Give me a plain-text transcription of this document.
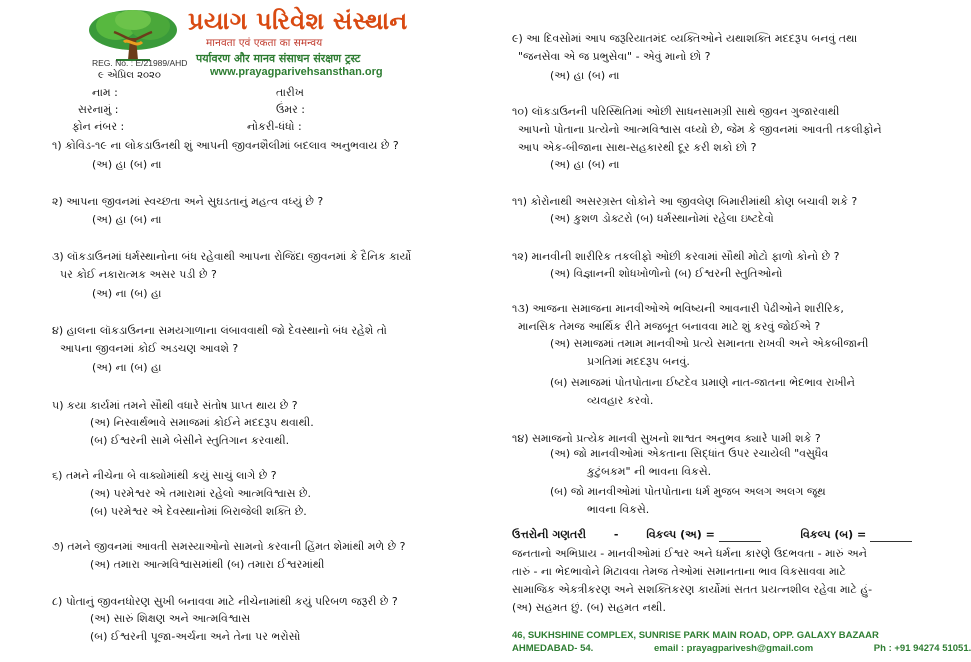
REG. No. : E/21989/AHD
૯ એપ્રિલ ૨૦૨૦
પ્રયાગ પરિવેશ સંસ્થાન
मानवता एवं एकता का समन्वय
पर्यावरण और मानव संसाधन संरक्षण ट्रस्ट
www.prayagparivehsansthan.org
નામ :	તારીખ
સરનામું :	ઉંમર :
ફોન નંબર :	નોકરી-ધંધો :
૧) કોવિડ-૧૯ ના લોકડાઉનથી શું આપની જીવનશૈલીમાં બદલાવ અનુભવાય છે ?
(અ) હા (બ) ના
૨) આપના જીવનમાં સ્વચ્છતા અને સુઘડતાનું મહત્વ વધ્યું છે ?
(અ) હા (બ) ના
૩) લૉકડાઉનમાં ધર્મસ્થાનોના બંધ રહેવાથી આપના રોજિંદા જીવનમાં કે દૈનિક કાર્યો
પર કોઈ નકારાત્મક અસર પડી છે ?
(અ) ના (બ) હા
૪) હાલના લૉકડાઉનના સમયગાળાના લંબાવવાથી જો દેવસ્થાનો બંધ રહેશે તો
આપના જીવનમાં કોઈ અડચણ આવશે ?
(અ) ના (બ) હા
૫) કયા કાર્યમાં તમને સૌથી વધારે સંતોષ પ્રાપ્ત થાય છે ?
(અ) નિસ્વાર્થભાવે સમાજમાં કોઈને મદદરૂપ થવાથી.
(બ) ઈશ્વરની સામે બેસીને સ્તુતિગાન કરવાથી.
૬) તમને નીચેના બે વાક્યોમાંથી કયું સાચું લાગે છે ?
(અ) પરમેશ્વર એ તમારામાં રહેલો આત્મવિશ્વાસ છે.
(બ) પરમેશ્વર એ દેવસ્થાનોમાં બિરાજેલી શક્તિ છે.
૭) તમને જીવનમાં આવતી સમસ્યાઓનો સામનો કરવાની હિંમત શેમાંથી મળે છે ?
(અ) તમારા આત્મવિશ્વાસમાંથી (બ) તમારા ઈશ્વરમાંથી
૮) પોતાનું જીવનધોરણ સુખી બનાવવા માટે નીચેનામાંથી કયું પરિબળ જરૂરી છે ?
(અ) સારું શિક્ષણ અને આત્મવિશ્વાસ
(બ) ઈશ્વરની પૂજા-અર્ચના અને તેના પર ભરોસો
૯) આ દિવસોમાં આપ જરૂરિયાતમંદ વ્યક્તિઓને યથાશક્તિ મદદરૂપ બનવું તથા
"જનસેવા એ જ પ્રભુસેવા" - એવું માનો છો ?
(અ) હા (બ) ના
૧૦) લૉકડાઉનની પરિસ્થિતિમાં ઓછી સાધનસામગ્રી સાથે જીવન ગુજારવાથી
આપનો પોતાના પ્રત્યેનો આત્મવિશ્વાસ વધ્યો છે, જેમ કે જીવનમાં આવતી તકલીફોને
આપ એક-બીજાના સાથ-સહકારથી દૂર કરી શકો છો ?
(અ) હા (બ) ના
૧૧) કોરોનાથી અસરગ્રસ્ત લોકોને આ જીવલેણ બિમારીમાંથી કોણ બચાવી શકે ?
(અ) કુશળ ડોક્ટરો (બ) ધર્મસ્થાનોમાં રહેલા ઇષ્ટદેવો
૧૨) માનવીની શારીરિક તકલીફો ઓછી કરવામાં સૌથી મોટો ફાળો કોનો છે ?
(અ) વિજ્ઞાનની શોધખોળોનો (બ) ઈશ્વરની સ્તુતિઓનો
૧૩) આજના સમાજના માનવીઓએ ભવિષ્યની આવનારી પેઢીઓને શારીરિક,
માનસિક તેમજ આર્થિક રીતે મજબૂત બનાવવા માટે શું કરવું જોઈએ ?
(અ) સમાજમાં તમામ માનવીઓ પ્રત્યે સમાનતા રાખવી અને એકબીજાની
પ્રગતિમાં મદદરૂપ બનવું.
(બ) સમાજમાં પોતપોતાના ઈષ્ટદેવ પ્રમાણે નાત-જાતના ભેદભાવ રાખીને
વ્યવહાર કરવો.
૧૪) સમાજનો પ્રત્યેક માનવી સુખનો શાશ્વત અનુભવ ક્યારે પામી શકે ?
(અ) જો માનવીઓમાં એકતાના સિદ્ધાંત ઉપર રચાયેલી "વસુધૈવ
કુટુંબકમ" ની ભાવના વિકસે.
(બ) જો માનવીઓમાં પોતપોતાના ધર્મ મુજબ અલગ અલગ જૂથ
ભાવના વિકસે.
ઉત્તરોની ગણતરી	-	વિકલ્પ (અ) =	વિકલ્પ (બ) =
જનતાનો અભિપ્રાય - માનવીઓમાં ઈશ્વર અને ધર્મના કારણે ઉદભવતા - મારું અને
તારું - ના ભેદભાવોને મિટાવવા તેમજ તેઓમાં સમાનતાના ભાવ વિકસાવવા માટે
સામાજિક એકત્રીકરણ અને સશક્તિકરણ કાર્યોમાં સતત પ્રયત્નશીલ રહેવા માટે હું-
(અ) સહમત છું. (બ) સહમત નથી.
46, SUKHSHINE COMPLEX, SUNRISE PARK MAIN ROAD, OPP. GALAXY BAZAAR
AHMEDABAD- 54.	email : prayagparivesh@gmail.com	Ph : +91 94274 51051.
